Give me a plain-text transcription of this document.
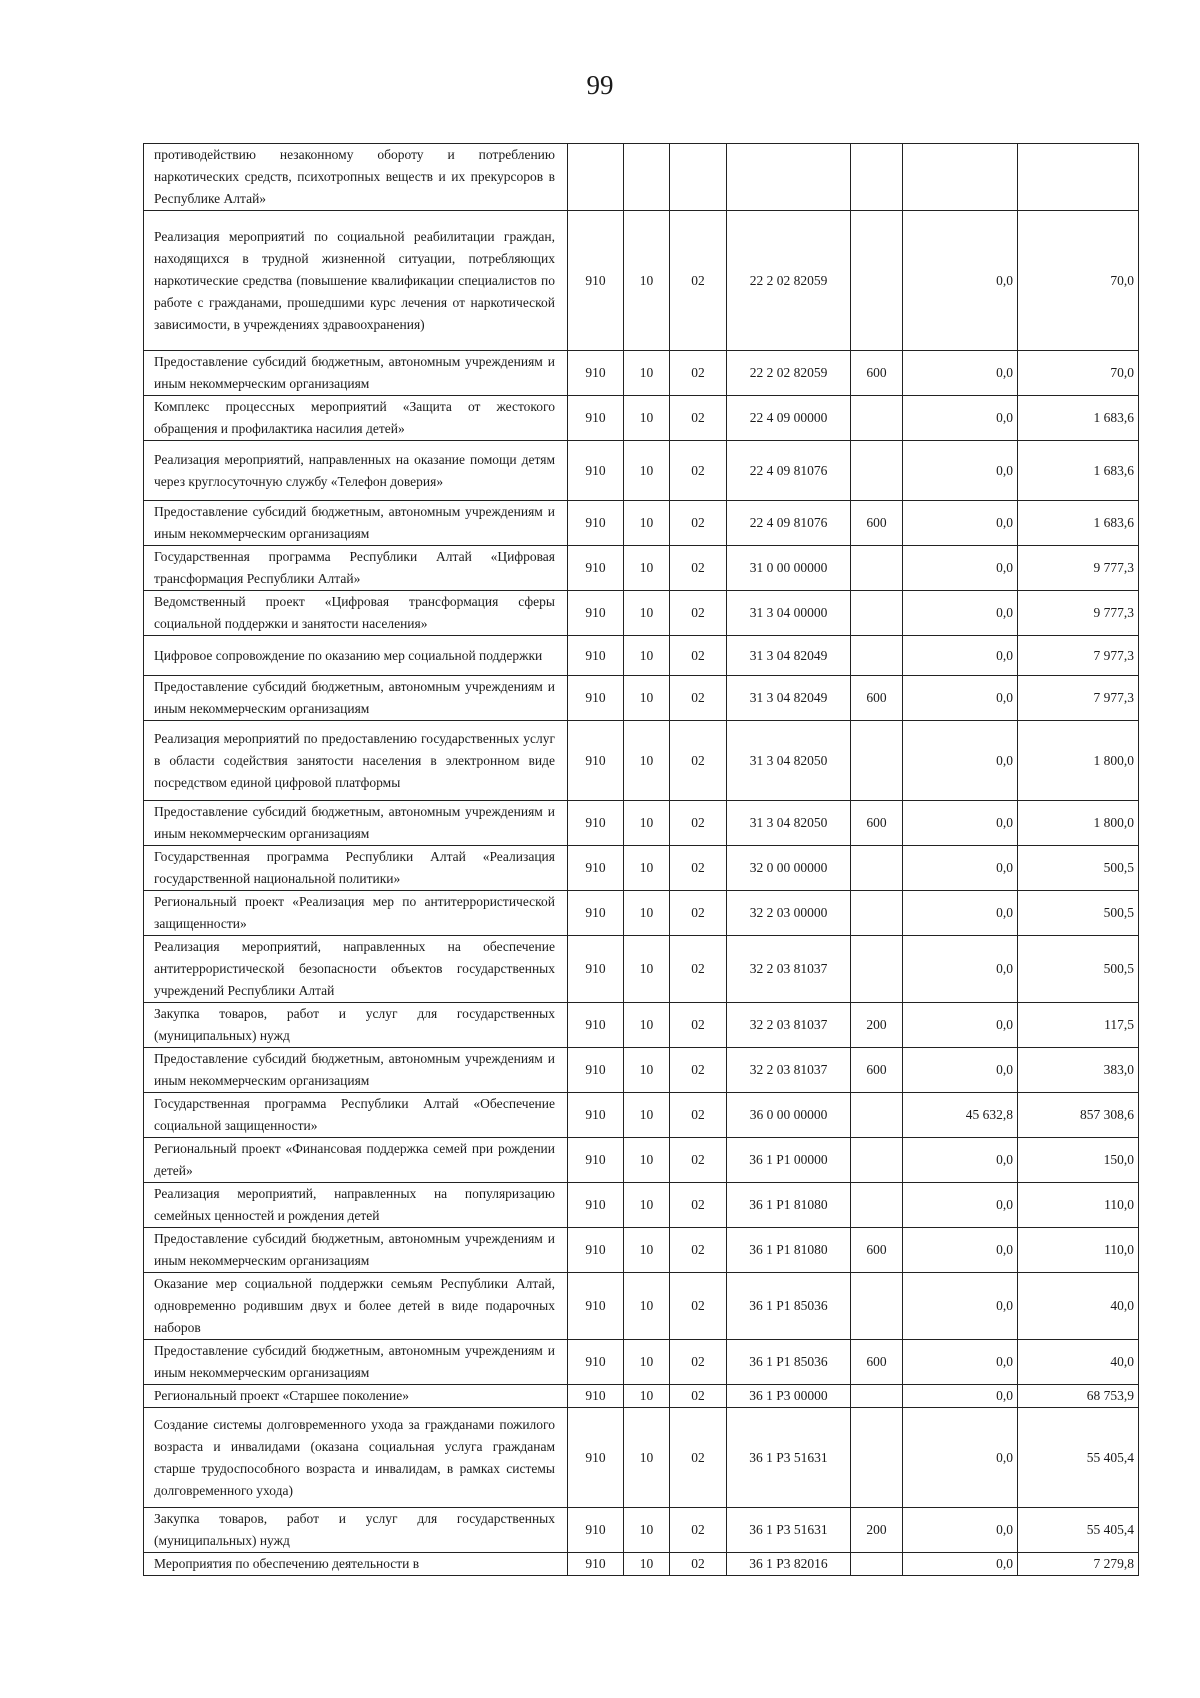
99
противодействию незаконному обороту и потреблению наркотических средств, психотропных веществ и их прекурсоров в Республике Алтай»							
Реализация мероприятий по социальной реабилитации граждан, находящихся в трудной жизненной ситуации, потребляющих наркотические средства (повышение квалификации специалистов по работе с гражданами, прошедшими курс лечения от наркотической зависимости, в учреждениях здравоохранения)	910	10	02	22 2 02 82059		0,0	70,0
Предоставление субсидий бюджетным, автономным учреждениям и иным некоммерческим организациям	910	10	02	22 2 02 82059	600	0,0	70,0
Комплекс процессных мероприятий «Защита от жестокого обращения и профилактика насилия детей»	910	10	02	22 4 09 00000		0,0	1 683,6
Реализация мероприятий, направленных на оказание помощи детям через круглосуточную службу «Телефон доверия»	910	10	02	22 4 09 81076		0,0	1 683,6
Предоставление субсидий бюджетным, автономным учреждениям и иным некоммерческим организациям	910	10	02	22 4 09 81076	600	0,0	1 683,6
Государственная программа Республики Алтай «Цифровая трансформация Республики Алтай»	910	10	02	31 0 00 00000		0,0	9 777,3
Ведомственный проект «Цифровая трансформация сферы социальной поддержки и занятости населения»	910	10	02	31 3 04 00000		0,0	9 777,3
Цифровое сопровождение по оказанию мер социальной поддержки	910	10	02	31 3 04 82049		0,0	7 977,3
Предоставление субсидий бюджетным, автономным учреждениям и иным некоммерческим организациям	910	10	02	31 3 04 82049	600	0,0	7 977,3
Реализация мероприятий по предоставлению государственных услуг в области содействия занятости населения в электронном виде посредством единой цифровой платформы	910	10	02	31 3 04 82050		0,0	1 800,0
Предоставление субсидий бюджетным, автономным учреждениям и иным некоммерческим организациям	910	10	02	31 3 04 82050	600	0,0	1 800,0
Государственная программа Республики Алтай «Реализация государственной национальной политики»	910	10	02	32 0 00 00000		0,0	500,5
Региональный проект «Реализация мер по антитеррористической защищенности»	910	10	02	32 2 03 00000		0,0	500,5
Реализация мероприятий, направленных на обеспечение антитеррористической безопасности объектов государственных учреждений Республики Алтай	910	10	02	32 2 03 81037		0,0	500,5
Закупка товаров, работ и услуг для государственных (муниципальных) нужд	910	10	02	32 2 03 81037	200	0,0	117,5
Предоставление субсидий бюджетным, автономным учреждениям и иным некоммерческим организациям	910	10	02	32 2 03 81037	600	0,0	383,0
Государственная программа Республики Алтай «Обеспечение социальной защищенности»	910	10	02	36 0 00 00000		45 632,8	857 308,6
Региональный проект «Финансовая поддержка семей при рождении детей»	910	10	02	36 1 Р1 00000		0,0	150,0
Реализация мероприятий, направленных на популяризацию семейных ценностей и рождения детей	910	10	02	36 1 Р1 81080		0,0	110,0
Предоставление субсидий бюджетным, автономным учреждениям и иным некоммерческим организациям	910	10	02	36 1 Р1 81080	600	0,0	110,0
Оказание мер социальной поддержки семьям Республики Алтай, одновременно родившим двух и более детей в виде подарочных наборов	910	10	02	36 1 Р1 85036		0,0	40,0
Предоставление субсидий бюджетным, автономным учреждениям и иным некоммерческим организациям	910	10	02	36 1 Р1 85036	600	0,0	40,0
Региональный проект «Старшее поколение»	910	10	02	36 1 Р3 00000		0,0	68 753,9
Создание системы долговременного ухода за гражданами пожилого возраста и инвалидами (оказана социальная услуга гражданам старше трудоспособного возраста и инвалидам, в рамках системы долговременного ухода)	910	10	02	36 1 Р3 51631		0,0	55 405,4
Закупка товаров, работ и услуг для государственных (муниципальных) нужд	910	10	02	36 1 Р3 51631	200	0,0	55 405,4
Мероприятия по обеспечению деятельности в	910	10	02	36 1 Р3 82016		0,0	7 279,8
